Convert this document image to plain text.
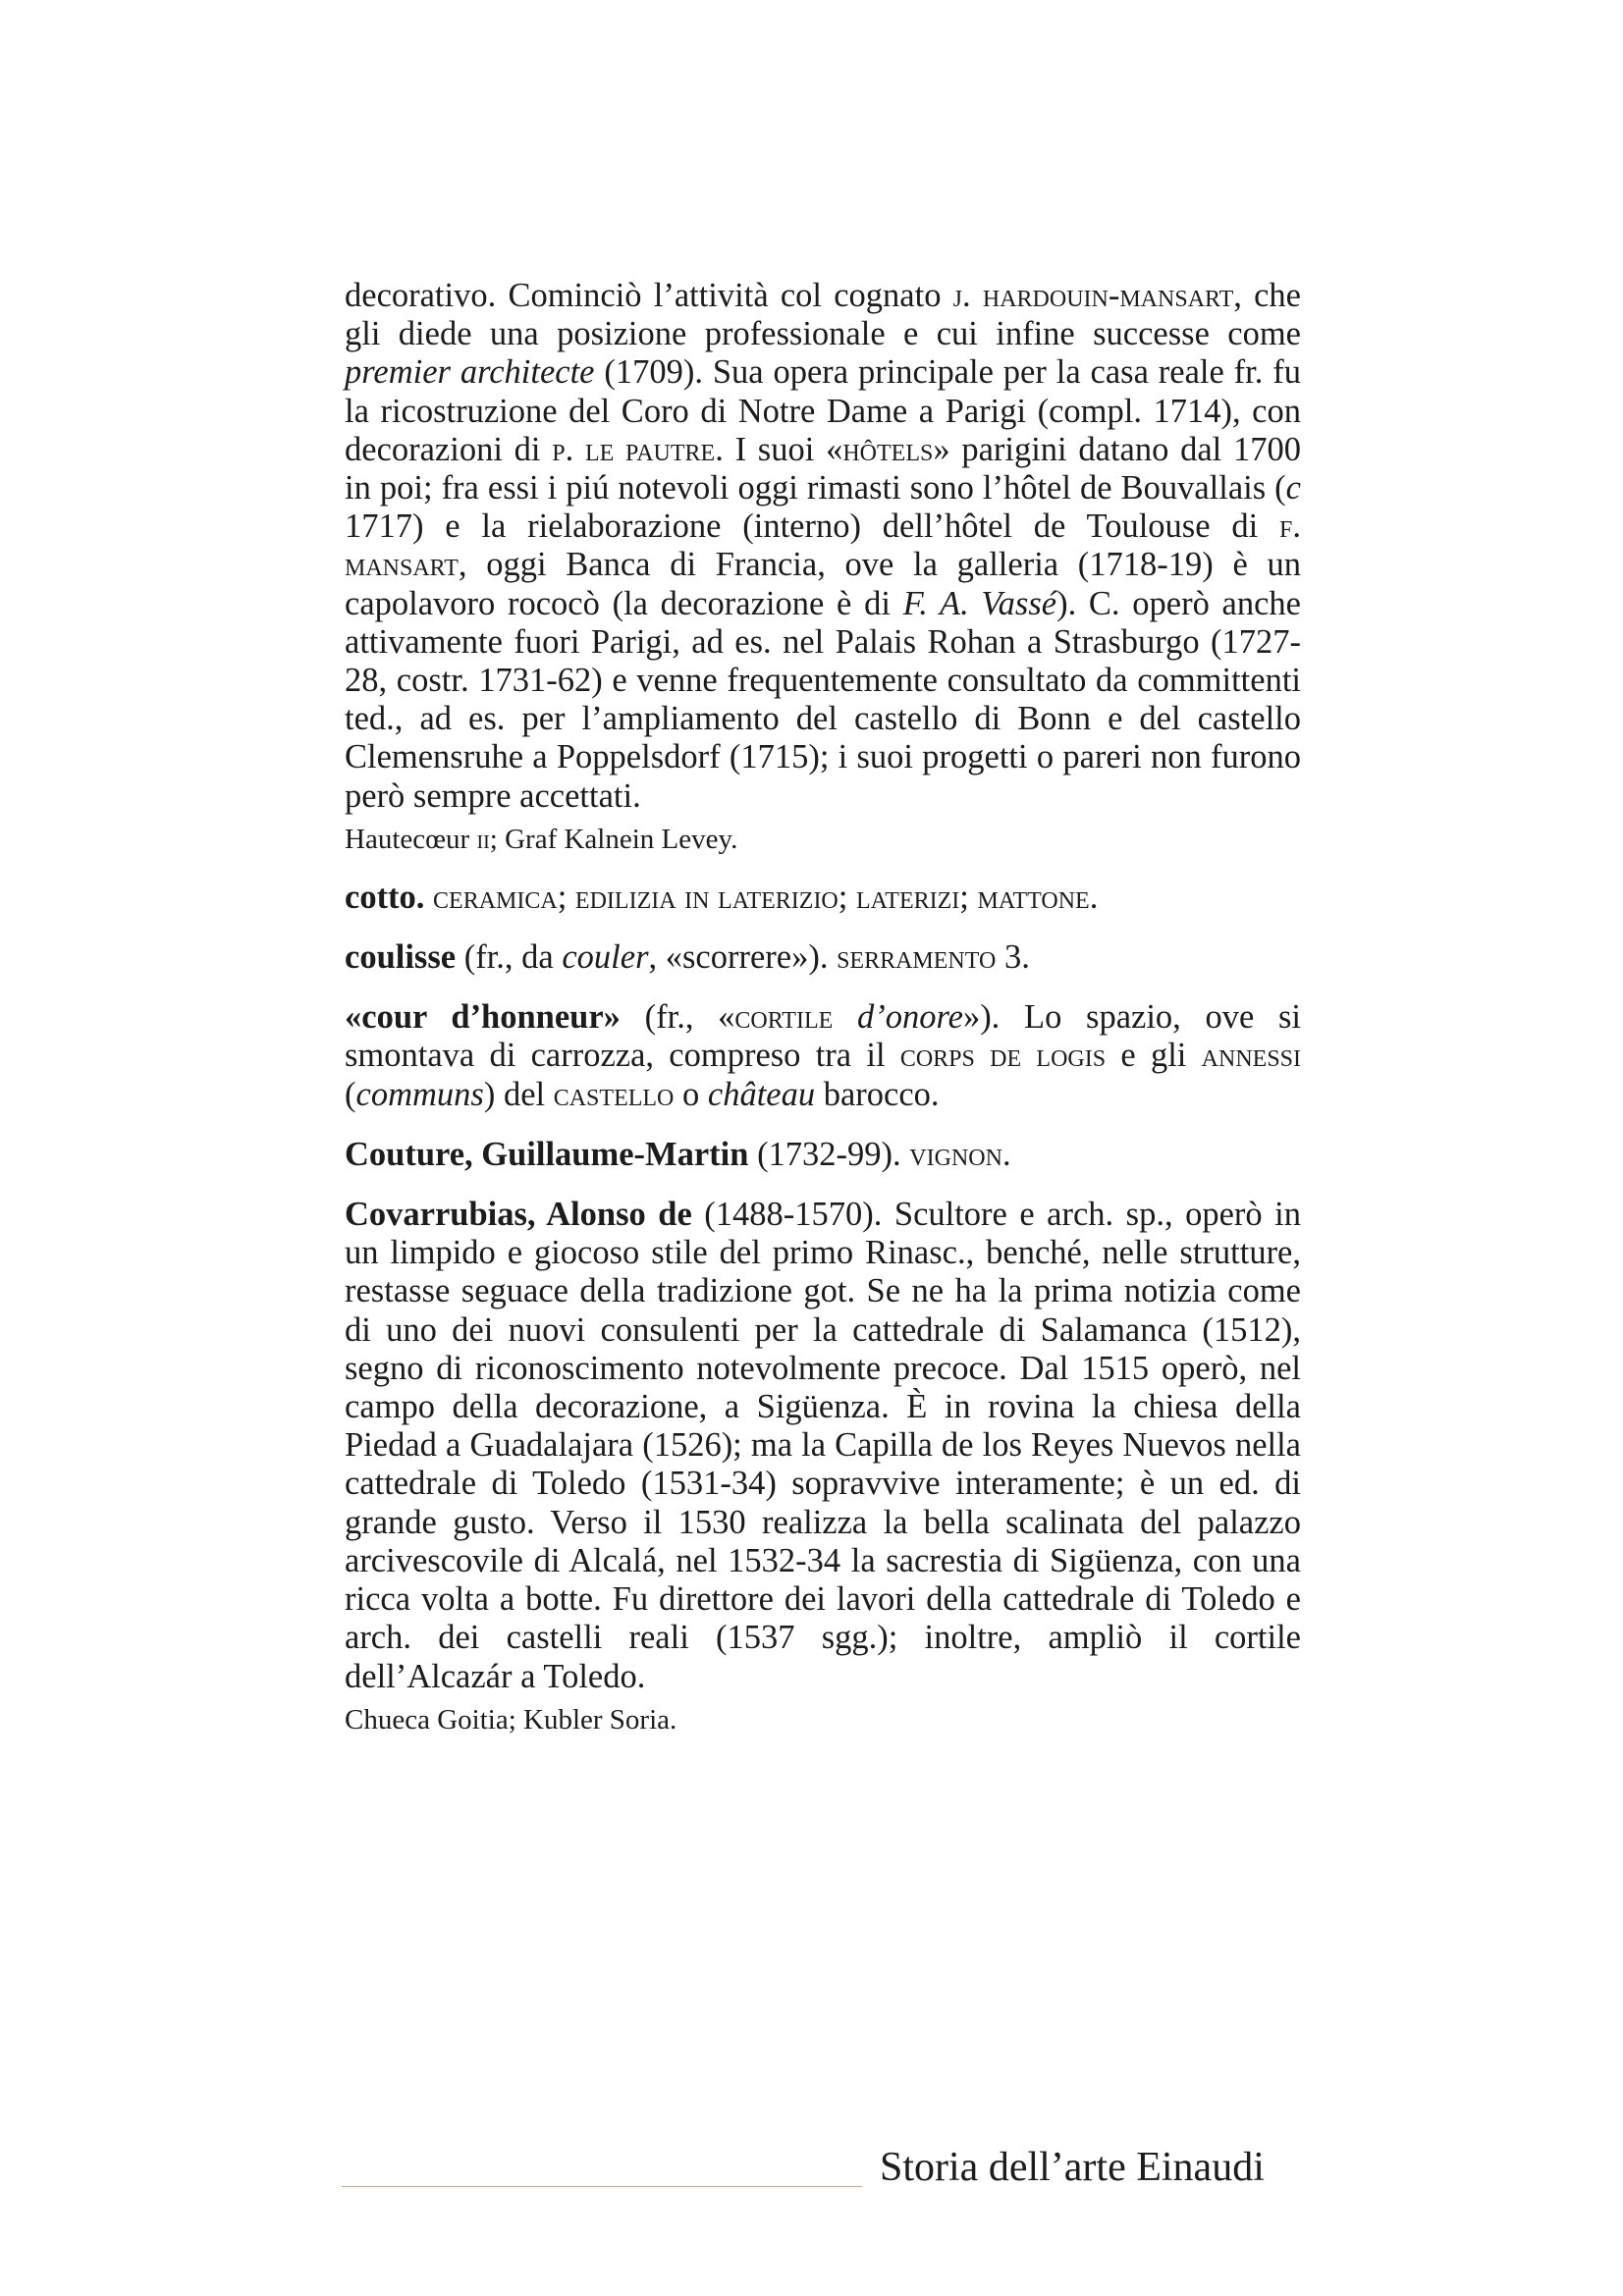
decorativo. Cominciò l’attività col cognato j. hardouin-mansart, che gli diede una posizione professionale e cui infine successe come premier architecte (1709). Sua opera principale per la casa reale fr. fu la ricostruzione del Coro di Notre Dame a Parigi (compl. 1714), con decorazioni di p. le pautre. I suoi «hôtels» parigini datano dal 1700 in poi; fra essi i piú notevoli oggi rimasti sono l’hôtel de Bouvallais (c 1717) e la rielaborazione (interno) dell’hôtel de Toulouse di f. mansart, oggi Banca di Francia, ove la galleria (1718-19) è un capolavoro rococò (la decorazione è di F. A. Vassé). C. operò anche attivamente fuori Parigi, ad es. nel Palais Rohan a Strasburgo (1727-28, costr. 1731-62) e venne frequentemente consultato da committenti ted., ad es. per l’ampliamento del castello di Bonn e del castello Clemensruhe a Poppelsdorf (1715); i suoi progetti o pareri non furono però sempre accettati.

Hautecœur ii; Graf Kalnein Levey.

cotto. ceramica; edilizia in laterizio; laterizi; mattone.

coulisse (fr., da couler, «scorrere»). serramento 3.

«cour d’honneur» (fr., «cortile d’onore»). Lo spazio, ove si smontava di carrozza, compreso tra il corps de logis e gli annessi (communs) del castello o château barocco.

Couture, Guillaume-Martin (1732-99). vignon.

Covarrubias, Alonso de (1488-1570). Scultore e arch. sp., operò in un limpido e giocoso stile del primo Rinasc., benché, nelle strutture, restasse seguace della tradizione got. Se ne ha la prima notizia come di uno dei nuovi consulenti per la cattedrale di Salamanca (1512), segno di riconoscimento notevolmente precoce. Dal 1515 operò, nel campo della decorazione, a Sigüenza. È in rovina la chiesa della Piedad a Guadalajara (1526); ma la Capilla de los Reyes Nuevos nella cattedrale di Toledo (1531-34) sopravvive interamente; è un ed. di grande gusto. Verso il 1530 realizza la bella scalinata del palazzo arcivescovile di Alcalá, nel 1532-34 la sacrestia di Sigüenza, con una ricca volta a botte. Fu direttore dei lavori della cattedrale di Toledo e arch. dei castelli reali (1537 sgg.); inoltre, ampliò il cortile dell’Alcazár a Toledo.

Chueca Goitia; Kubler Soria.

Storia dell’arte Einaudi
